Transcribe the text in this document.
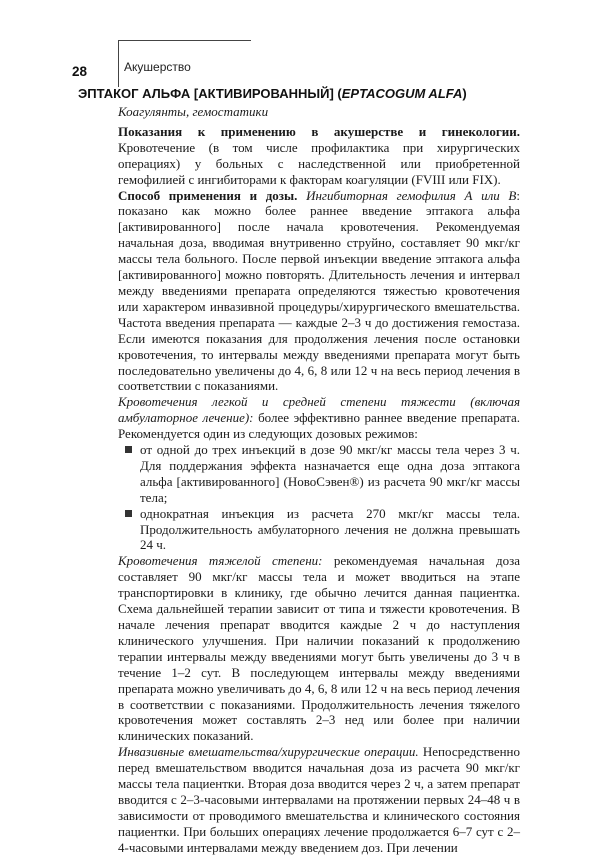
Акушерство
28
ЭПТАКОГ АЛЬФА [АКТИВИРОВАННЫЙ] (EPTACOGUM ALFA)

Коагулянты, гемостатики

Показания к применению в акушерстве и гинекологии. Кровотечение (в том числе профилактика при хирургических операциях) у больных с наследственной или приобретенной гемофилией с ингибиторами к факторам коагуляции (FVIII или FIX).

Способ применения и дозы. Ингибиторная гемофилия А или В: показано как можно более раннее введение эптакога альфа [активированного] после начала кровотечения. Рекомендуемая начальная доза, вводимая внутривенно струйно, составляет 90 мкг/кг массы тела больного. После первой инъекции введение эптакога альфа [активированного] можно повторять. Длительность лечения и интервал между введениями препарата определяются тяжестью кровотечения или характером инвазивной процедуры/хирургического вмешательства. Частота введения препарата — каждые 2–3 ч до достижения гемостаза. Если имеются показания для продолжения лечения после остановки кровотечения, то интервалы между введениями препарата могут быть последовательно увеличены до 4, 6, 8 или 12 ч на весь период лечения в соответствии с показаниями.

Кровотечения легкой и средней степени тяжести (включая амбулаторное лечение): более эффективно раннее введение препарата. Рекомендуется один из следующих дозовых режимов:

от одной до трех инъекций в дозе 90 мкг/кг массы тела через 3 ч. Для поддержания эффекта назначается еще одна доза эптакога альфа [активированного] (НовоСэвен®) из расчета 90 мкг/кг массы тела;
однократная инъекция из расчета 270 мкг/кг массы тела. Продолжительность амбулаторного лечения не должна превышать 24 ч.

Кровотечения тяжелой степени: рекомендуемая начальная доза составляет 90 мкг/кг массы тела и может вводиться на этапе транспортировки в клинику, где обычно лечится данная пациентка. Схема дальнейшей терапии зависит от типа и тяжести кровотечения. В начале лечения препарат вводится каждые 2 ч до наступления клинического улучшения. При наличии показаний к продолжению терапии интервалы между введениями могут быть увеличены до 3 ч в течение 1–2 сут. В последующем интервалы между введениями препарата можно увеличивать до 4, 6, 8 или 12 ч на весь период лечения в соответствии с показаниями. Продолжительность лечения тяжелого кровотечения может составлять 2–3 нед или более при наличии клинических показаний.

Инвазивные вмешательства/хирургические операции. Непосредственно перед вмешательством вводится начальная доза из расчета 90 мкг/кг массы тела пациентки. Вторая доза вводится через 2 ч, а затем препарат вводится с 2–3-часовыми интервалами на протяжении первых 24–48 ч в зависимости от проводимого вмешательства и клинического состояния пациентки. При больших операциях лечение продолжается 6–7 сут с 2–4-часовыми интервалами между введением доз. При лечении
